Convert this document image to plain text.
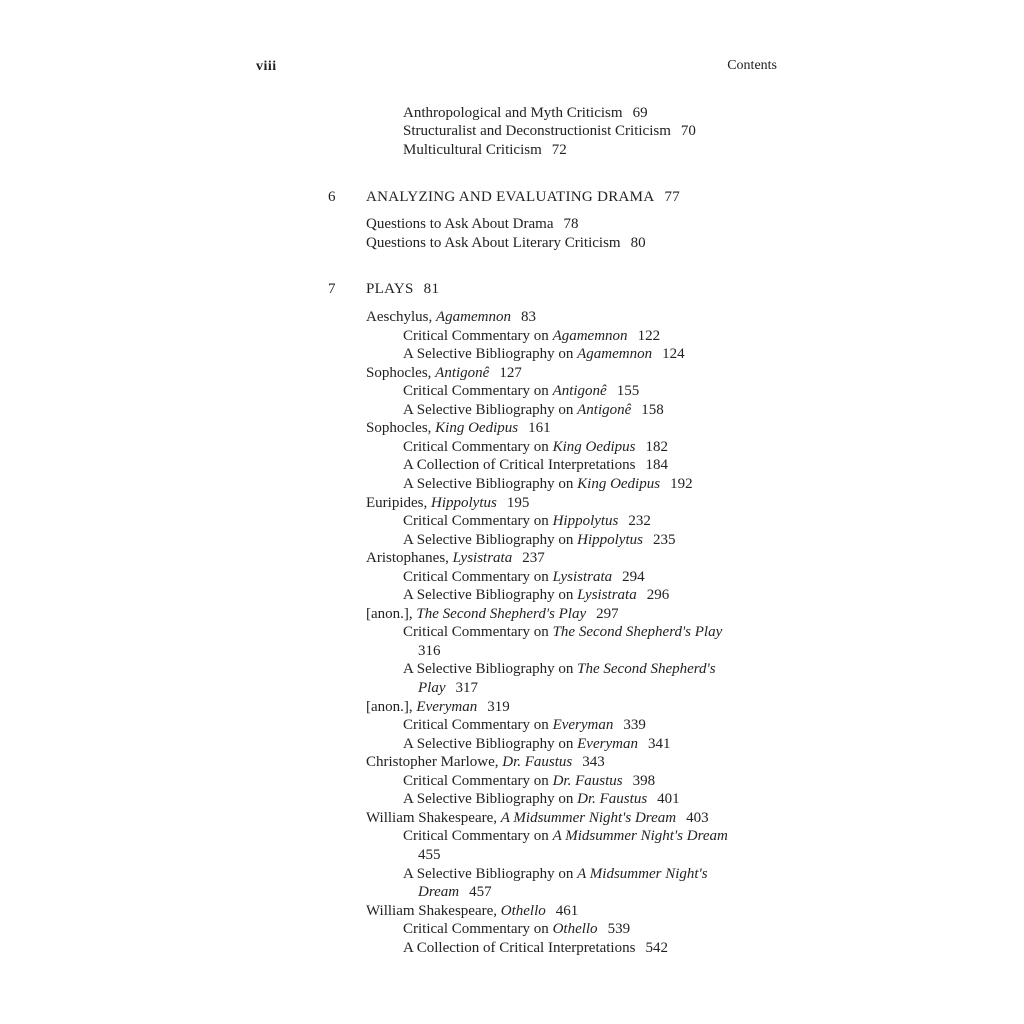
viii	Contents
Anthropological and Myth Criticism 69
Structuralist and Deconstructionist Criticism 70
Multicultural Criticism 72
6 ANALYZING AND EVALUATING DRAMA 77
Questions to Ask About Drama 78
Questions to Ask About Literary Criticism 80
7 PLAYS 81
Aeschylus, Agamemnon 83
Critical Commentary on Agamemnon 122
A Selective Bibliography on Agamemnon 124
Sophocles, Antigonê 127
Critical Commentary on Antigonê 155
A Selective Bibliography on Antigonê 158
Sophocles, King Oedipus 161
Critical Commentary on King Oedipus 182
A Collection of Critical Interpretations 184
A Selective Bibliography on King Oedipus 192
Euripides, Hippolytus 195
Critical Commentary on Hippolytus 232
A Selective Bibliography on Hippolytus 235
Aristophanes, Lysistrata 237
Critical Commentary on Lysistrata 294
A Selective Bibliography on Lysistrata 296
[anon.], The Second Shepherd's Play 297
Critical Commentary on The Second Shepherd's Play
316
A Selective Bibliography on The Second Shepherd's
Play 317
[anon.], Everyman 319
Critical Commentary on Everyman 339
A Selective Bibliography on Everyman 341
Christopher Marlowe, Dr. Faustus 343
Critical Commentary on Dr. Faustus 398
A Selective Bibliography on Dr. Faustus 401
William Shakespeare, A Midsummer Night's Dream 403
Critical Commentary on A Midsummer Night's Dream
455
A Selective Bibliography on A Midsummer Night's
Dream 457
William Shakespeare, Othello 461
Critical Commentary on Othello 539
A Collection of Critical Interpretations 542
